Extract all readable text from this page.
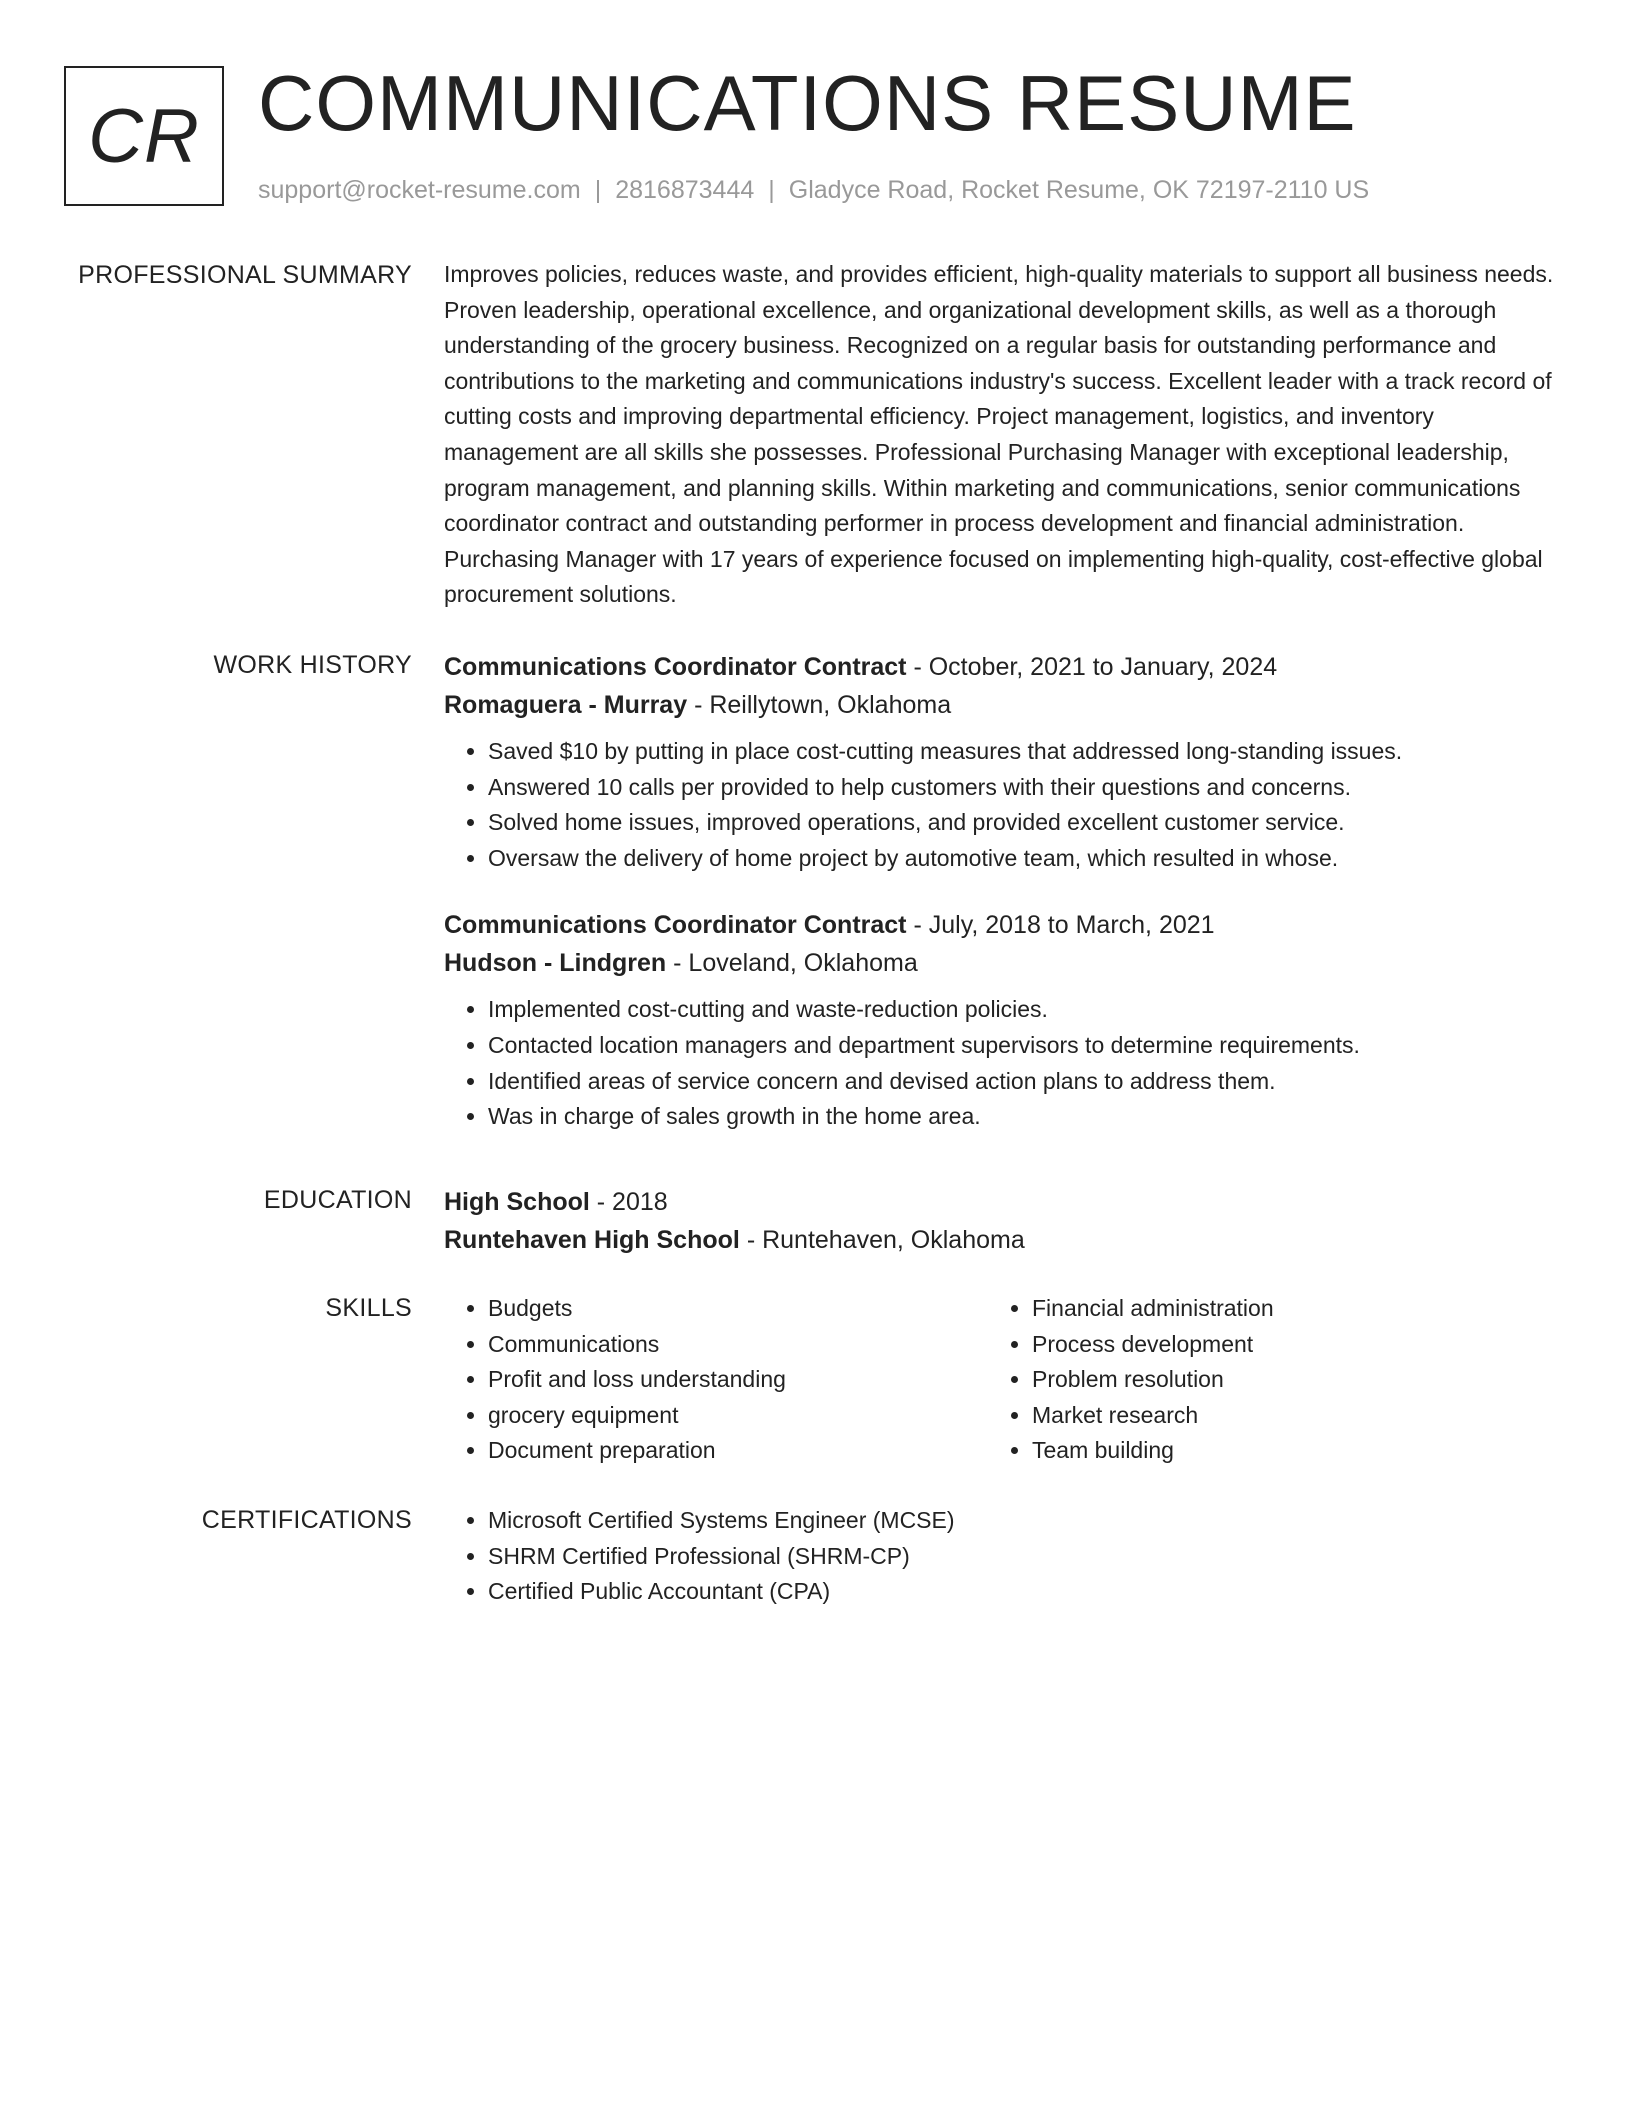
CR COMMUNICATIONS RESUME
support@rocket-resume.com | 2816873444 | Gladyce Road, Rocket Resume, OK 72197-2110 US
PROFESSIONAL SUMMARY Improves policies, reduces waste, and provides efficient, high-quality materials to support all business needs. Proven leadership, operational excellence, and organizational development skills, as well as a thorough understanding of the grocery business. Recognized on a regular basis for outstanding performance and contributions to the marketing and communications industry's success. Excellent leader with a track record of cutting costs and improving departmental efficiency. Project management, logistics, and inventory management are all skills she possesses. Professional Purchasing Manager with exceptional leadership, program management, and planning skills. Within marketing and communications, senior communications coordinator contract and outstanding performer in process development and financial administration. Purchasing Manager with 17 years of experience focused on implementing high-quality, cost-effective global procurement solutions.

WORK HISTORY Communications Coordinator Contract - October, 2021 to January, 2024
Romaguera - Murray - Reillytown, Oklahoma
• Saved $10 by putting in place cost-cutting measures that addressed long-standing issues.
• Answered 10 calls per provided to help customers with their questions and concerns.
• Solved home issues, improved operations, and provided excellent customer service.
• Oversaw the delivery of home project by automotive team, which resulted in whose.
Communications Coordinator Contract - July, 2018 to March, 2021
Hudson - Lindgren - Loveland, Oklahoma
• Implemented cost-cutting and waste-reduction policies.
• Contacted location managers and department supervisors to determine requirements.
• Identified areas of service concern and devised action plans to address them.
• Was in charge of sales growth in the home area.
EDUCATION High School - 2018
Runtehaven High School - Runtehaven, Oklahoma
SKILLS	• Budgets
• Communications
• Profit and loss understanding
• grocery equipment
• Document preparation
• Financial administration
• Process development
• Problem resolution
• Market research
• Team building
CERTIFICATIONS	• Microsoft Certified Systems Engineer (MCSE)
• SHRM Certified Professional (SHRM-CP)
• Certified Public Accountant (CPA)
